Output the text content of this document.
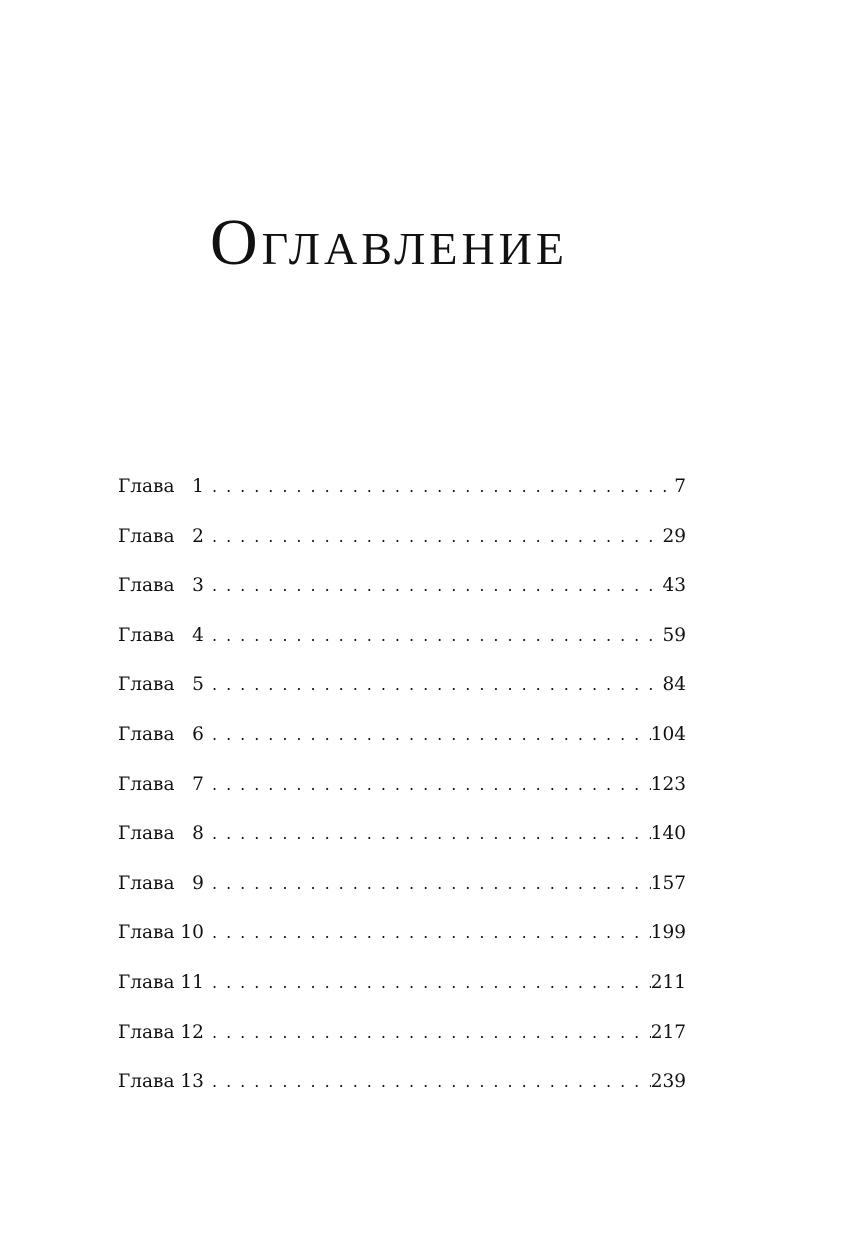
Оглавление
Глава   1 . . .	7
Глава   2 . . .	29
Глава   3 . . .	43
Глава   4 . . .	59
Глава   5 . . .	84
Глава   6 . . .	104
Глава   7 . . .	123
Глава   8 . . .	140
Глава   9 . . .	157
Глава 10 . . .	199
Глава 11 . . .	211
Глава 12 . . .	217
Глава 13 . . .	239
